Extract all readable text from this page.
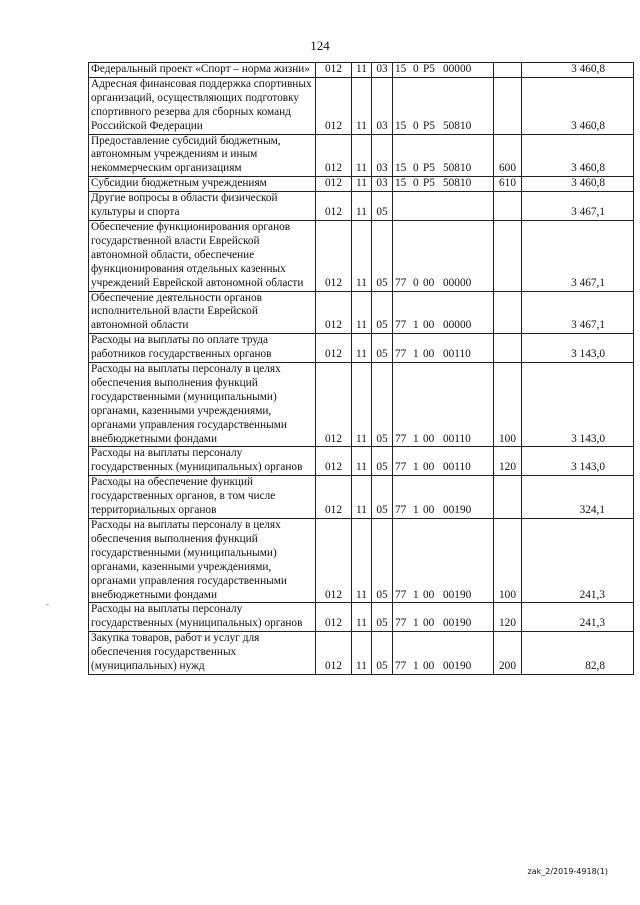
124
Федеральный проект «Спорт – норма жизни»	012	11	03	15 0 P5 00000		3 460,8
Адресная финансовая поддержка спортивных организаций, осуществляющих подготовку спортивного резерва для сборных команд Российской Федерации	012	11	03	15 0 P5 50810		3 460,8
Предоставление субсидий бюджетным, автономным учреждениям и иным некоммерческим организациям	012	11	03	15 0 P5 50810	600	3 460,8
Субсидии бюджетным учреждениям	012	11	03	15 0 P5 50810	610	3 460,8
Другие вопросы в области физической культуры и спорта	012	11	05			3 467,1
Обеспечение функционирования органов государственной власти Еврейской автономной области, обеспечение функционирования отдельных казенных учреждений Еврейской автономной области	012	11	05	77 0 00 00000		3 467,1
Обеспечение деятельности органов исполнительной власти Еврейской автономной области	012	11	05	77 1 00 00000		3 467,1
Расходы на выплаты по оплате труда работников государственных органов	012	11	05	77 1 00 00110		3 143,0
Расходы на выплаты персоналу в целях обеспечения выполнения функций государственными (муниципальными) органами, казенными учреждениями, органами управления государственными внебюджетными фондами	012	11	05	77 1 00 00110	100	3 143,0
Расходы на выплаты персоналу государственных (муниципальных) органов	012	11	05	77 1 00 00110	120	3 143,0
Расходы на обеспечение функций государственных органов, в том числе территориальных органов	012	11	05	77 1 00 00190		324,1
Расходы на выплаты персоналу в целях обеспечения выполнения функций государственными (муниципальными) органами, казенными учреждениями, органами управления государственными внебюджетными фондами	012	11	05	77 1 00 00190	100	241,3
Расходы на выплаты персоналу государственных (муниципальных) органов	012	11	05	77 1 00 00190	120	241,3
Закупка товаров, работ и услуг для обеспечения государственных (муниципальных) нужд	012	11	05	77 1 00 00190	200	82,8
-
zak_2/2019-4918(1)
